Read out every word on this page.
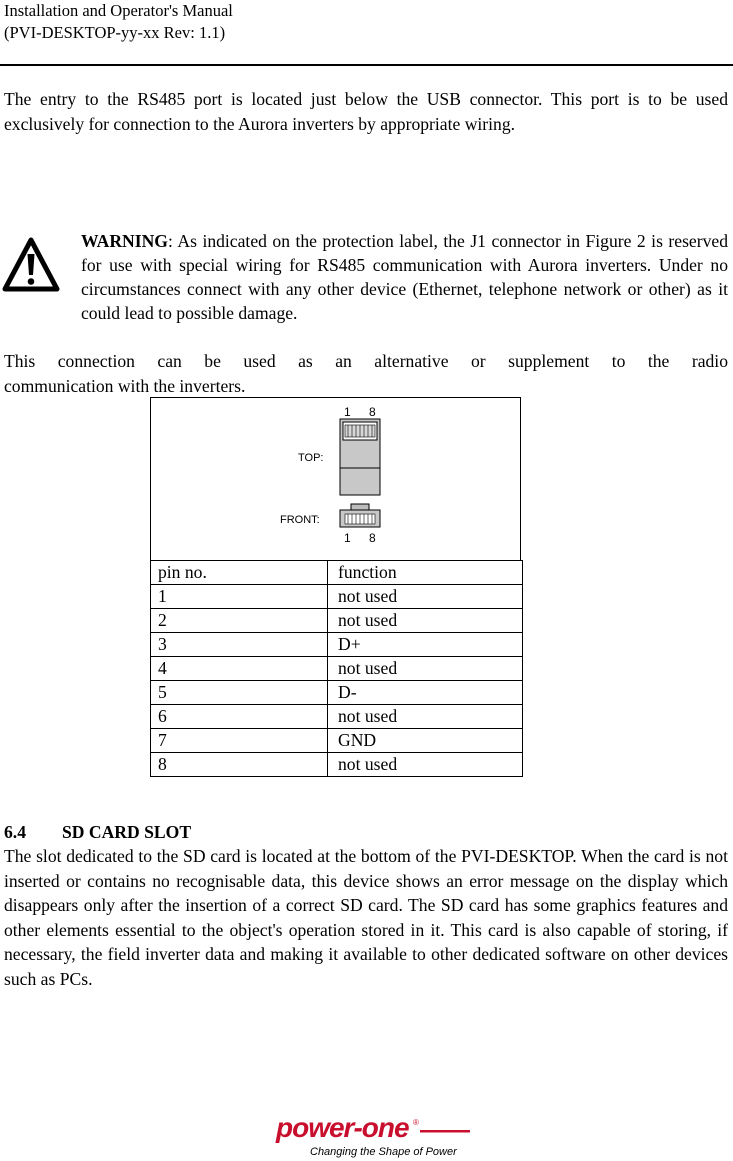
Installation and Operator's Manual
(PVI-DESKTOP-yy-xx Rev: 1.1)
The entry to the RS485 port is located just below the USB connector. This port is to be used exclusively for connection to the Aurora inverters by appropriate wiring.
WARNING: As indicated on the protection label, the J1 connector in Figure 2 is reserved for use with special wiring for RS485 communication with Aurora inverters. Under no circumstances connect with any other device (Ethernet, telephone network or other) as it could lead to possible damage.
This connection can be used as an alternative or supplement to the radio
communication with the inverters.
1 8
TOP:
FRONT:
1 8
pin no.	function
1	not used
2	not used
3	D+
4	not used
5	D-
6	not used
7	GND
8	not used
6.4 SD CARD SLOT
The slot dedicated to the SD card is located at the bottom of the PVI-DESKTOP. When the card is not inserted or contains no recognisable data, this device shows an error message on the display which disappears only after the insertion of a correct SD card. The SD card has some graphics features and other elements essential to the object's operation stored in it. This card is also capable of storing, if necessary, the field inverter data and making it available to other dedicated software on other devices such as PCs.
power-one ®
Changing the Shape of Power
